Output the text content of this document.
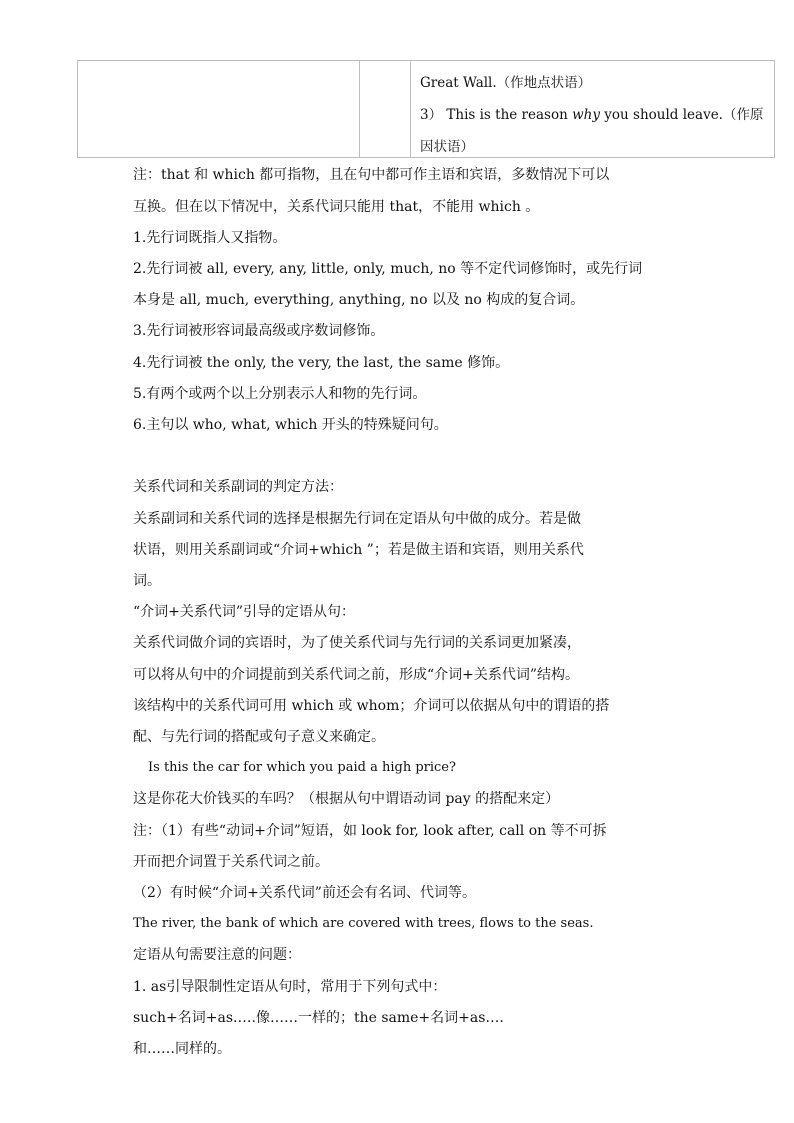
Great Wall.（作地点状语）
3） This is the reason why you should leave.（作原
因状语）
注：that 和 which 都可指物，且在句中都可作主语和宾语，多数情况下可以
互换。但在以下情况中，关系代词只能用 that，不能用 which 。
1.先行词既指人又指物。
2.先行词被 all, every, any, little, only, much, no 等不定代词修饰时，或先行词
本身是 all, much, everything, anything, no 以及 no 构成的复合词。
3.先行词被形容词最高级或序数词修饰。
4.先行词被 the only, the very, the last, the same 修饰。
5.有两个或两个以上分别表示人和物的先行词。
6.主句以 who, what, which 开头的特殊疑问句。
关系代词和关系副词的判定方法：
关系副词和关系代词的选择是根据先行词在定语从句中做的成分。若是做
状语，则用关系副词或“介词+which ”；若是做主语和宾语，则用关系代
词。
“介词+关系代词”引导的定语从句：
关系代词做介词的宾语时，为了使关系代词与先行词的关系词更加紧凑，
可以将从句中的介词提前到关系代词之前，形成“介词+关系代词”结构。
该结构中的关系代词可用 which 或 whom；介词可以依据从句中的谓语的搭
配、与先行词的搭配或句子意义来确定。
Is this the car for which you paid a high price?
这是你花大价钱买的车吗？（根据从句中谓语动词 pay 的搭配来定）
注：（1）有些“动词+介词”短语，如 look for, look after, call on 等不可拆
开而把介词置于关系代词之前。
（2）有时候“介词+关系代词”前还会有名词、代词等。
The river, the bank of which are covered with trees, flows to the seas.
定语从句需要注意的问题：
1. as引导限制性定语从句时，常用于下列句式中：
such+名词+as.….像……一样的；the same+名词+as….
和……同样的。
